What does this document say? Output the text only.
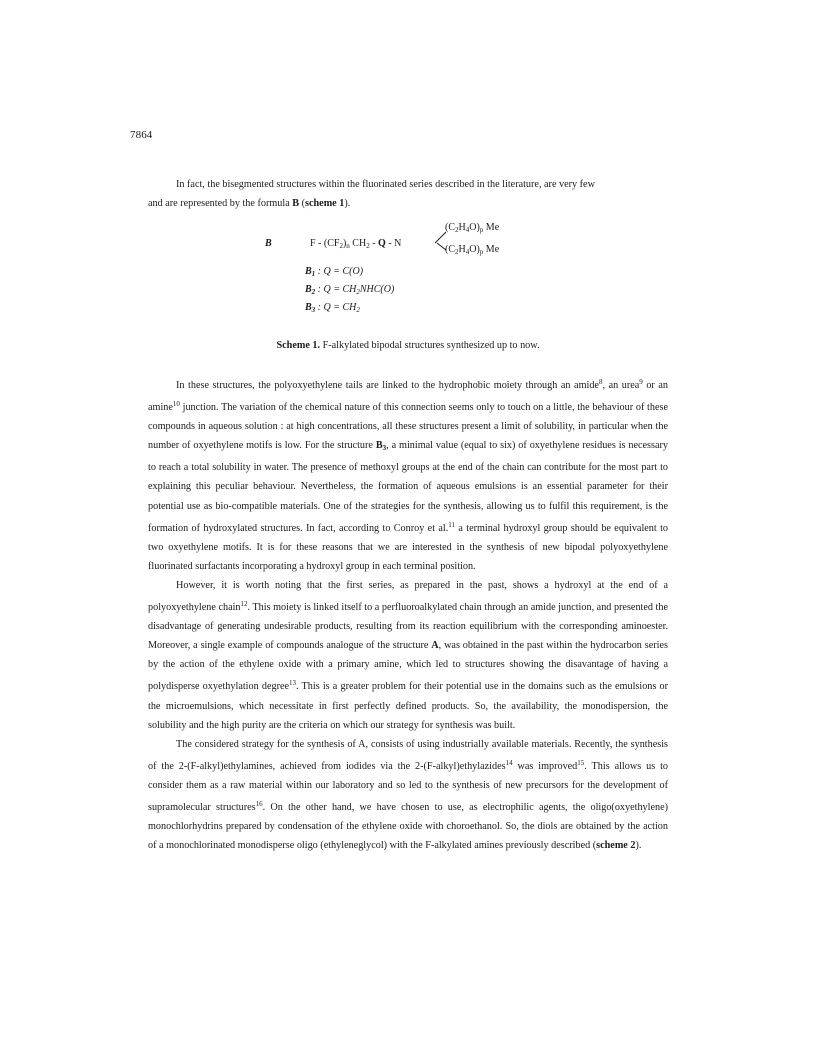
7864

In fact, the bisegmented structures within the fluorinated series described in the literature, are very few
and are represented by the formula B (scheme 1).

B	F - $(CF_2)_n$ $CH_2$ - Q - N
$(C_2H_4O)_p$ Me
$(C_2H_4O)_p$ Me
$B_1$ : Q = C(O)
$B_2$ : $Q = CH_2NHC(O)$
$B_3$ : $Q = CH_2$
Scheme 1. F-alkylated bipodal structures synthesized up to now.

In these structures, the polyoxyethylene tails are linked to the hydrophobic moiety through an amide$^8$, an urea$^9$ or an amine$^{10}$ junction. The variation of the chemical nature of this connection seems only to touch on a little, the behaviour of these compounds in aqueous solution : at high concentrations, all these structures present a limit of solubility, in particular when the number of oxyethylene motifs is low. For the structure $B_3$, a minimal value (equal to six) of oxyethylene residues is necessary to reach a total solubility in water. The presence of methoxyl groups at the end of the chain can contribute for the most part to explaining this peculiar behaviour. Nevertheless, the formation of aqueous emulsions is an essential parameter for their potential use as bio-compatible materials. One of the strategies for the synthesis, allowing us to fulfil this requirement, is the formation of hydroxylated structures. In fact, according to Conroy et al.$^{11}$ a terminal hydroxyl group should be equivalent to two oxyethylene motifs. It is for these reasons that we are interested in the synthesis of new bipodal polyoxyethylene fluorinated surfactants incorporating a hydroxyl group in each terminal position.

However, it is worth noting that the first series, as prepared in the past, shows a hydroxyl at the end of a polyoxyethylene chain$^{12}$. This moiety is linked itself to a perfluoroalkylated chain through an amide junction, and presented the disadvantage of generating undesirable products, resulting from its reaction equilibrium with the corresponding aminoester. Moreover, a single example of compounds analogue of the structure A, was obtained in the past within the hydrocarbon series by the action of the ethylene oxide with a primary amine, which led to structures showing the disavantage of having a polydisperse oxyethylation degree$^{13}$. This is a greater problem for their potential use in the domains such as the emulsions or the microemulsions, which necessitate in first perfectly defined products. So, the availability, the monodispersion, the solubility and the high purity are the criteria on which our strategy for synthesis was built.

The considered strategy for the synthesis of A, consists of using industrially available materials. Recently, the synthesis of the 2-(F-alkyl)ethylamines, achieved from iodides via the 2-(F-alkyl)ethylazides$^{14}$ was improved$^{15}$. This allows us to consider them as a raw material within our laboratory and so led to the synthesis of new precursors for the development of supramolecular structures$^{16}$. On the other hand, we have chosen to use, as electrophilic agents, the oligo(oxyethylene) monochlorhydrins prepared by condensation of the ethylene oxide with choroethanol. So, the diols are obtained by the action of a monochlorinated monodisperse oligo (ethyleneglycol) with the F-alkylated amines previously described (scheme 2).
